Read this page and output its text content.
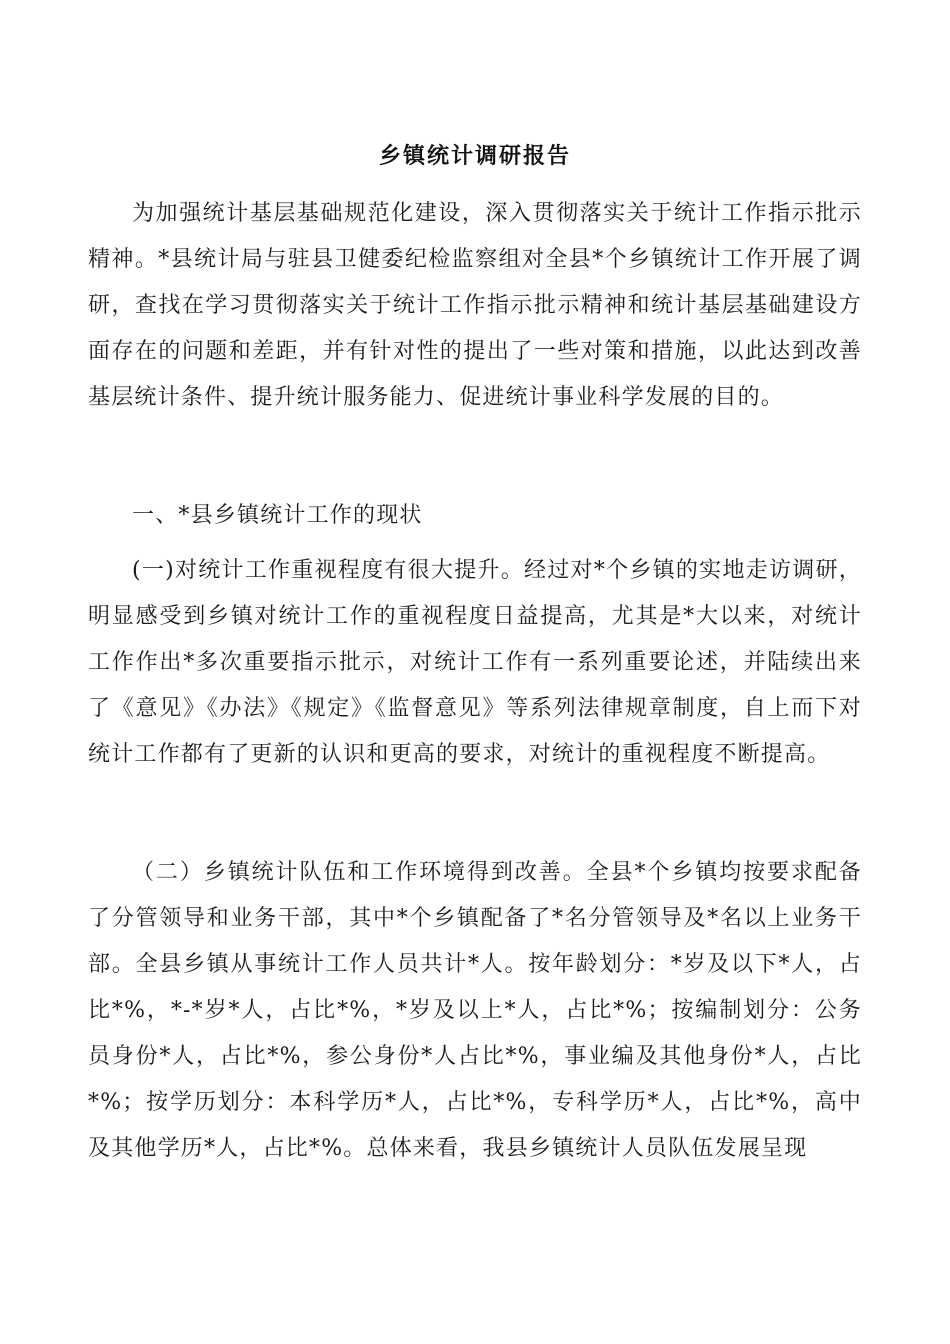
乡镇统计调研报告

为加强统计基层基础规范化建设，深入贯彻落实关于统计工作指示批示精神。*县统计局与驻县卫健委纪检监察组对全县*个乡镇统计工作开展了调研，查找在学习贯彻落实关于统计工作指示批示精神和统计基层基础建设方面存在的问题和差距，并有针对性的提出了一些对策和措施，以此达到改善基层统计条件、提升统计服务能力、促进统计事业科学发展的目的。

一、*县乡镇统计工作的现状

(一)对统计工作重视程度有很大提升。经过对*个乡镇的实地走访调研，明显感受到乡镇对统计工作的重视程度日益提高，尤其是*大以来，对统计工作作出*多次重要指示批示，对统计工作有一系列重要论述，并陆续出来了《意见》《办法》《规定》《监督意见》等系列法律规章制度，自上而下对统计工作都有了更新的认识和更高的要求，对统计的重视程度不断提高。

（二）乡镇统计队伍和工作环境得到改善。全县*个乡镇均按要求配备了分管领导和业务干部，其中*个乡镇配备了*名分管领导及*名以上业务干部。全县乡镇从事统计工作人员共计*人。按年龄划分：*岁及以下*人，占比*%，*-*岁*人，占比*%，*岁及以上*人，占比*%；按编制划分：公务员身份*人，占比*%，参公身份*人占比*%，事业编及其他身份*人，占比*%；按学历划分：本科学历*人，占比*%，专科学历*人，占比*%，高中及其他学历*人，占比*%。总体来看，我县乡镇统计人员队伍发展呈现
